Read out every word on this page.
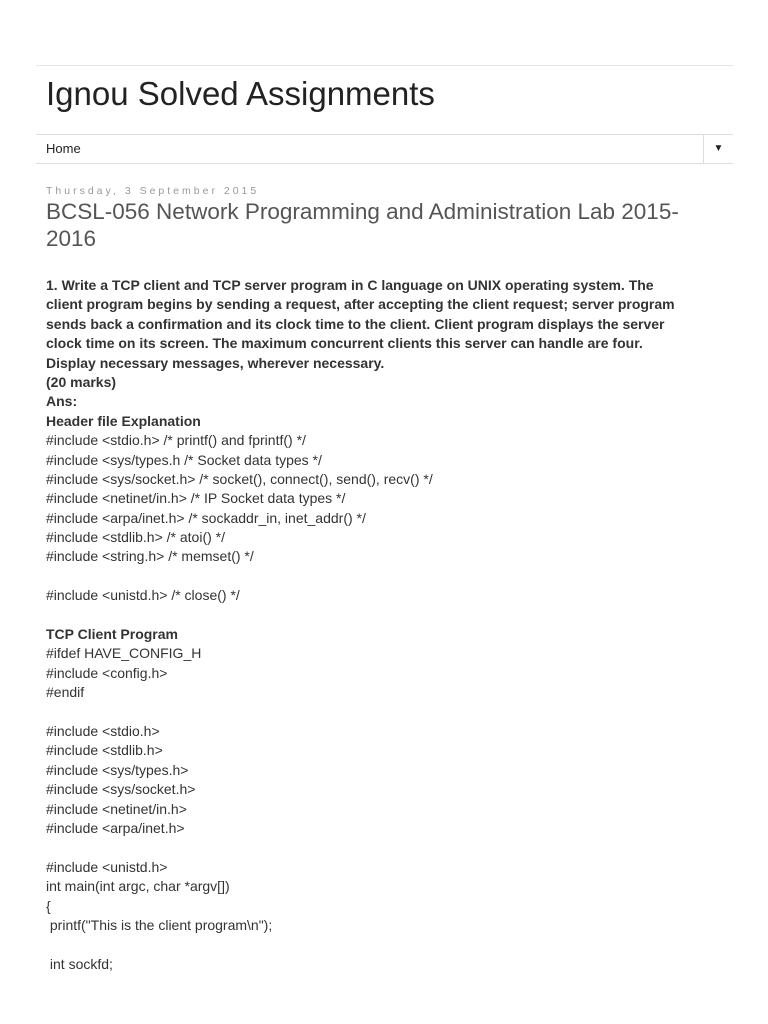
Ignou Solved Assignments
Home	▼
Thursday, 3 September 2015
BCSL-056 Network Programming and Administration Lab 2015-2016
1. Write a TCP client and TCP server program in C language on UNIX operating system. The
client program begins by sending a request, after accepting the client request; server program
sends back a confirmation and its clock time to the client. Client program displays the server
clock time on its screen. The maximum concurrent clients this server can handle are four.
Display necessary messages, wherever necessary.
(20 marks)
Ans:
Header file Explanation
#include <stdio.h> /* printf() and fprintf() */
#include <sys/types.h /* Socket data types */
#include <sys/socket.h> /* socket(), connect(), send(), recv() */
#include <netinet/in.h> /* IP Socket data types */
#include <arpa/inet.h> /* sockaddr_in, inet_addr() */
#include <stdlib.h> /* atoi() */
#include <string.h> /* memset() */
#include <unistd.h> /* close() */
TCP Client Program
#ifdef HAVE_CONFIG_H
#include <config.h>
#endif
#include <stdio.h>
#include <stdlib.h>
#include <sys/types.h>
#include <sys/socket.h>
#include <netinet/in.h>
#include <arpa/inet.h>
#include <unistd.h>
int main(int argc, char *argv[])
{
printf("This is the client program\n");
int sockfd;
